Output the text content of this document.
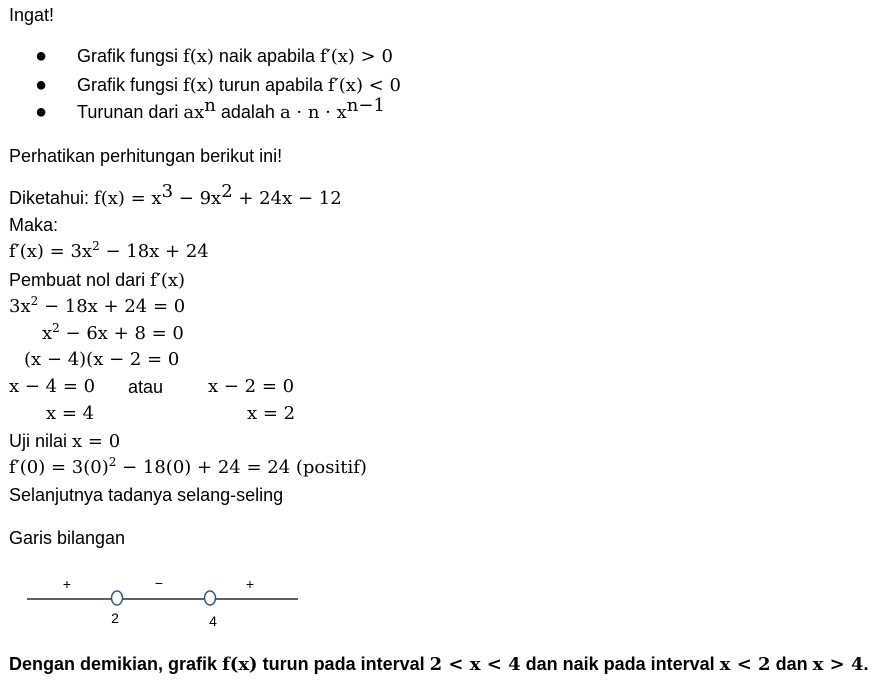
Ingat!
● Grafik fungsi f(x) naik apabila f′(x) > 0
● Grafik fungsi f(x) turun apabila f′(x) < 0
● Turunan dari $ax^n$ adalah $a \cdot n \cdot x^{n-1}$
Perhatikan perhitungan berikut ini!
Diketahui: $f(x) = x^3 - 9x^2 + 24x - 12$
Maka:
$f'(x) = 3x^2 - 18x + 24$
Pembuat nol dari f′(x)
$3x^2 - 18x + 24 = 0$
$x^2 - 6x + 8 = 0$
(x − 4)(x − 2 = 0
x − 4 = 0 atau x − 2 = 0
x = 4	x = 2
Uji nilai x = 0
$f'(0) = 3(0)^2 - 18(0) + 24 = 24$ (positif)
Selanjutnya tadanya selang-seling
Garis bilangan
+	−	+
2	4
Dengan demikian, grafik f(x) turun pada interval 2 < x < 4 dan naik pada interval x < 2 dan x > 4.
